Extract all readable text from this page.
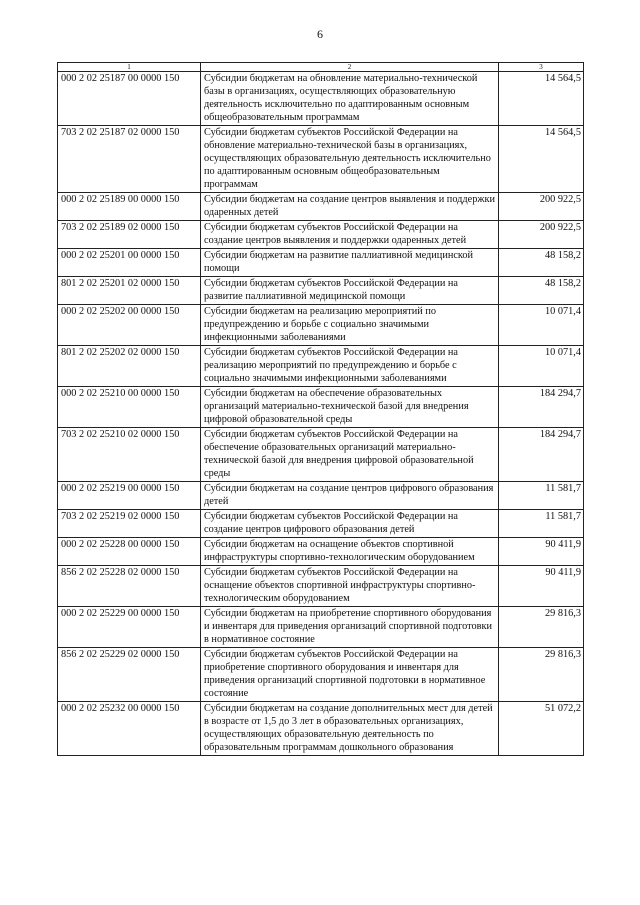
6
1	2	3
000 2 02 25187 00 0000 150	Субсидии бюджетам на обновление материально-технической базы в организациях, осуществляющих образовательную деятельность исключительно по адаптированным основным общеобразовательным программам	14 564,5
703 2 02 25187 02 0000 150	Субсидии бюджетам субъектов Российской Федерации на обновление материально-технической базы в организациях, осуществляющих образовательную деятельность исключительно по адаптированным основным общеобразовательным программам	14 564,5
000 2 02 25189 00 0000 150	Субсидии бюджетам на создание центров выявления и поддержки одаренных детей	200 922,5
703 2 02 25189 02 0000 150	Субсидии бюджетам субъектов Российской Федерации на создание центров выявления и поддержки одаренных детей	200 922,5
000 2 02 25201 00 0000 150	Субсидии бюджетам на развитие паллиативной медицинской помощи	48 158,2
801 2 02 25201 02 0000 150	Субсидии бюджетам субъектов Российской Федерации на развитие паллиативной медицинской помощи	48 158,2
000 2 02 25202 00 0000 150	Субсидии бюджетам на реализацию мероприятий по предупреждению и борьбе с социально значимыми инфекционными заболеваниями	10 071,4
801 2 02 25202 02 0000 150	Субсидии бюджетам субъектов Российской Федерации на реализацию мероприятий по предупреждению и борьбе с социально значимыми инфекционными заболеваниями	10 071,4
000 2 02 25210 00 0000 150	Субсидии бюджетам на обеспечение образовательных организаций материально-технической базой для внедрения цифровой образовательной среды	184 294,7
703 2 02 25210 02 0000 150	Субсидии бюджетам субъектов Российской Федерации на обеспечение образовательных организаций материально-технической базой для внедрения цифровой образовательной среды	184 294,7
000 2 02 25219 00 0000 150	Субсидии бюджетам на создание центров цифрового образования детей	11 581,7
703 2 02 25219 02 0000 150	Субсидии бюджетам субъектов Российской Федерации на создание центров цифрового образования детей	11 581,7
000 2 02 25228 00 0000 150	Субсидии бюджетам на оснащение объектов спортивной инфраструктуры спортивно-технологическим оборудованием	90 411,9
856 2 02 25228 02 0000 150	Субсидии бюджетам субъектов Российской Федерации на оснащение объектов спортивной инфраструктуры спортивно-технологическим оборудованием	90 411,9
000 2 02 25229 00 0000 150	Субсидии бюджетам на приобретение спортивного оборудования и инвентаря для приведения организаций спортивной подготовки в нормативное состояние	29 816,3
856 2 02 25229 02 0000 150	Субсидии бюджетам субъектов Российской Федерации на приобретение спортивного оборудования и инвентаря для приведения организаций спортивной подготовки в нормативное состояние	29 816,3
000 2 02 25232 00 0000 150	Субсидии бюджетам на создание дополнительных мест для детей в возрасте от 1,5 до 3 лет в образовательных организациях, осуществляющих образовательную деятельность по образовательным программам дошкольного образования	51 072,2
